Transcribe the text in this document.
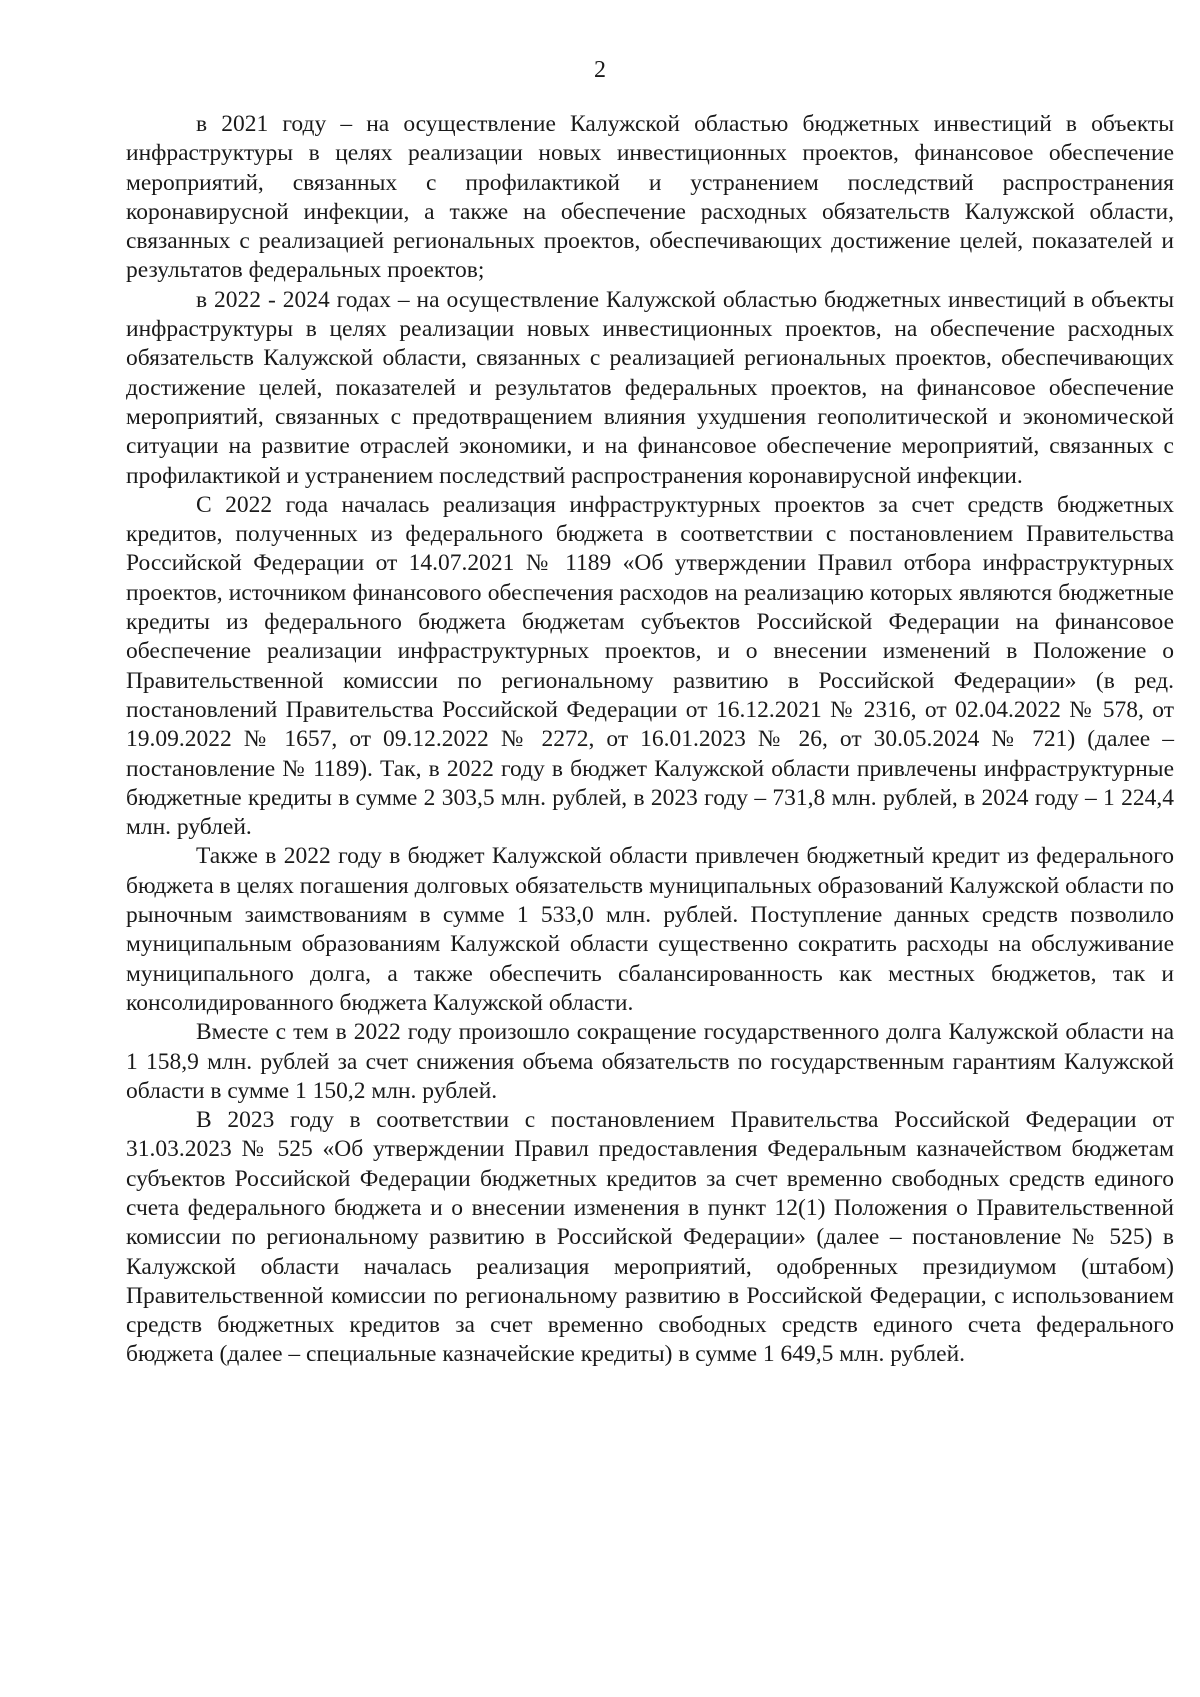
2

в 2021 году – на осуществление Калужской областью бюджетных инвестиций в объекты инфраструктуры в целях реализации новых инвестиционных проектов, финансовое обеспечение мероприятий, связанных с профилактикой и устранением последствий распространения коронавирусной инфекции, а также на обеспечение расходных обязательств Калужской области, связанных с реализацией региональных проектов, обеспечивающих достижение целей, показателей и результатов федеральных проектов;

в 2022 - 2024 годах – на осуществление Калужской областью бюджетных инвестиций в объекты инфраструктуры в целях реализации новых инвестиционных проектов, на обеспечение расходных обязательств Калужской области, связанных с реализацией региональных проектов, обеспечивающих достижение целей, показателей и результатов федеральных проектов, на финансовое обеспечение мероприятий, связанных с предотвращением влияния ухудшения геополитической и экономической ситуации на развитие отраслей экономики, и на финансовое обеспечение мероприятий, связанных с профилактикой и устранением последствий распространения коронавирусной инфекции.

С 2022 года началась реализация инфраструктурных проектов за счет средств бюджетных кредитов, полученных из федерального бюджета в соответствии с постановлением Правительства Российской Федерации от 14.07.2021 № 1189 «Об утверждении Правил отбора инфраструктурных проектов, источником финансового обеспечения расходов на реализацию которых являются бюджетные кредиты из федерального бюджета бюджетам субъектов Российской Федерации на финансовое обеспечение реализации инфраструктурных проектов, и о внесении изменений в Положение о Правительственной комиссии по региональному развитию в Российской Федерации» (в ред. постановлений Правительства Российской Федерации от 16.12.2021 № 2316, от 02.04.2022 № 578, от 19.09.2022 № 1657, от 09.12.2022 № 2272, от 16.01.2023 № 26, от 30.05.2024 № 721) (далее – постановление № 1189). Так, в 2022 году в бюджет Калужской области привлечены инфраструктурные бюджетные кредиты в сумме 2 303,5 млн. рублей, в 2023 году – 731,8 млн. рублей, в 2024 году – 1 224,4 млн. рублей.

Также в 2022 году в бюджет Калужской области привлечен бюджетный кредит из федерального бюджета в целях погашения долговых обязательств муниципальных образований Калужской области по рыночным заимствованиям в сумме 1 533,0 млн. рублей. Поступление данных средств позволило муниципальным образованиям Калужской области существенно сократить расходы на обслуживание муниципального долга, а также обеспечить сбалансированность как местных бюджетов, так и консолидированного бюджета Калужской области.

Вместе с тем в 2022 году произошло сокращение государственного долга Калужской области на 1 158,9 млн. рублей за счет снижения объема обязательств по государственным гарантиям Калужской области в сумме 1 150,2 млн. рублей.

В 2023 году в соответствии с постановлением Правительства Российской Федерации от 31.03.2023 № 525 «Об утверждении Правил предоставления Федеральным казначейством бюджетам субъектов Российской Федерации бюджетных кредитов за счет временно свободных средств единого счета федерального бюджета и о внесении изменения в пункт 12(1) Положения о Правительственной комиссии по региональному развитию в Российской Федерации» (далее – постановление № 525) в Калужской области началась реализация мероприятий, одобренных президиумом (штабом) Правительственной комиссии по региональному развитию в Российской Федерации, с использованием средств бюджетных кредитов за счет временно свободных средств единого счета федерального бюджета (далее – специальные казначейские кредиты) в сумме 1 649,5 млн. рублей.
